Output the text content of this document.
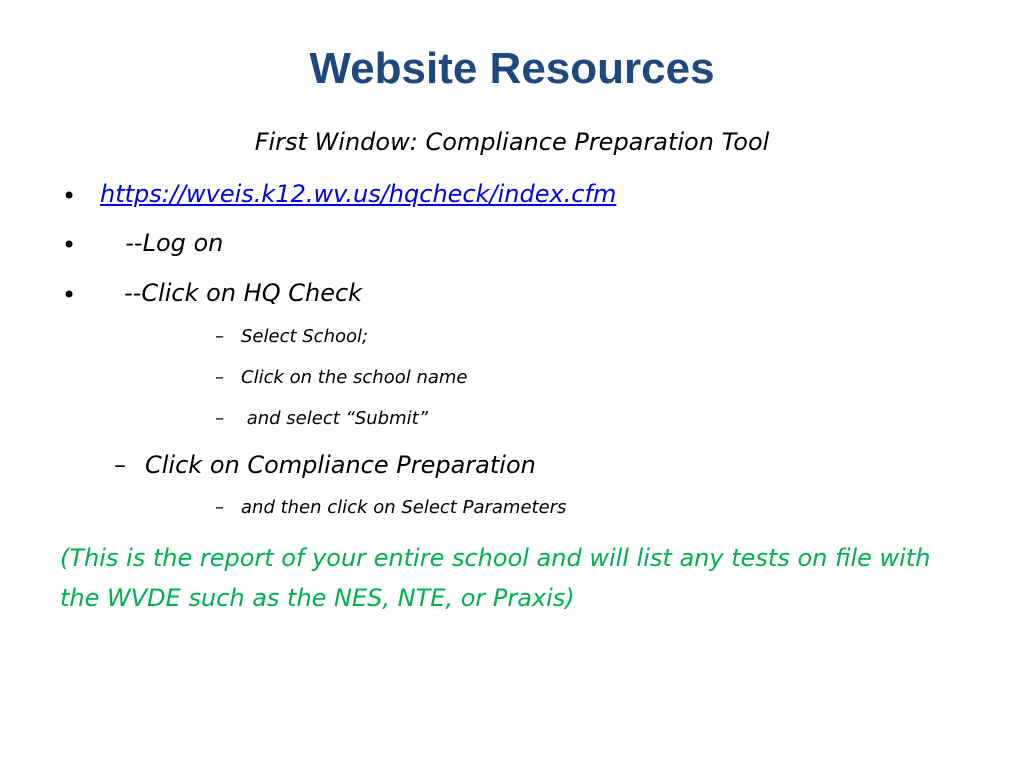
Website Resources
First Window: Compliance Preparation Tool
• https://wveis.k12.wv.us/hqcheck/index.cfm
• --Log on
• --Click on HQ Check
– Select School;
– Click on the school name
– and select “Submit”
– Click on Compliance Preparation
– and then click on Select Parameters
(This is the report of your entire school and will list any tests on file with the WVDE such as the NES, NTE, or Praxis)
